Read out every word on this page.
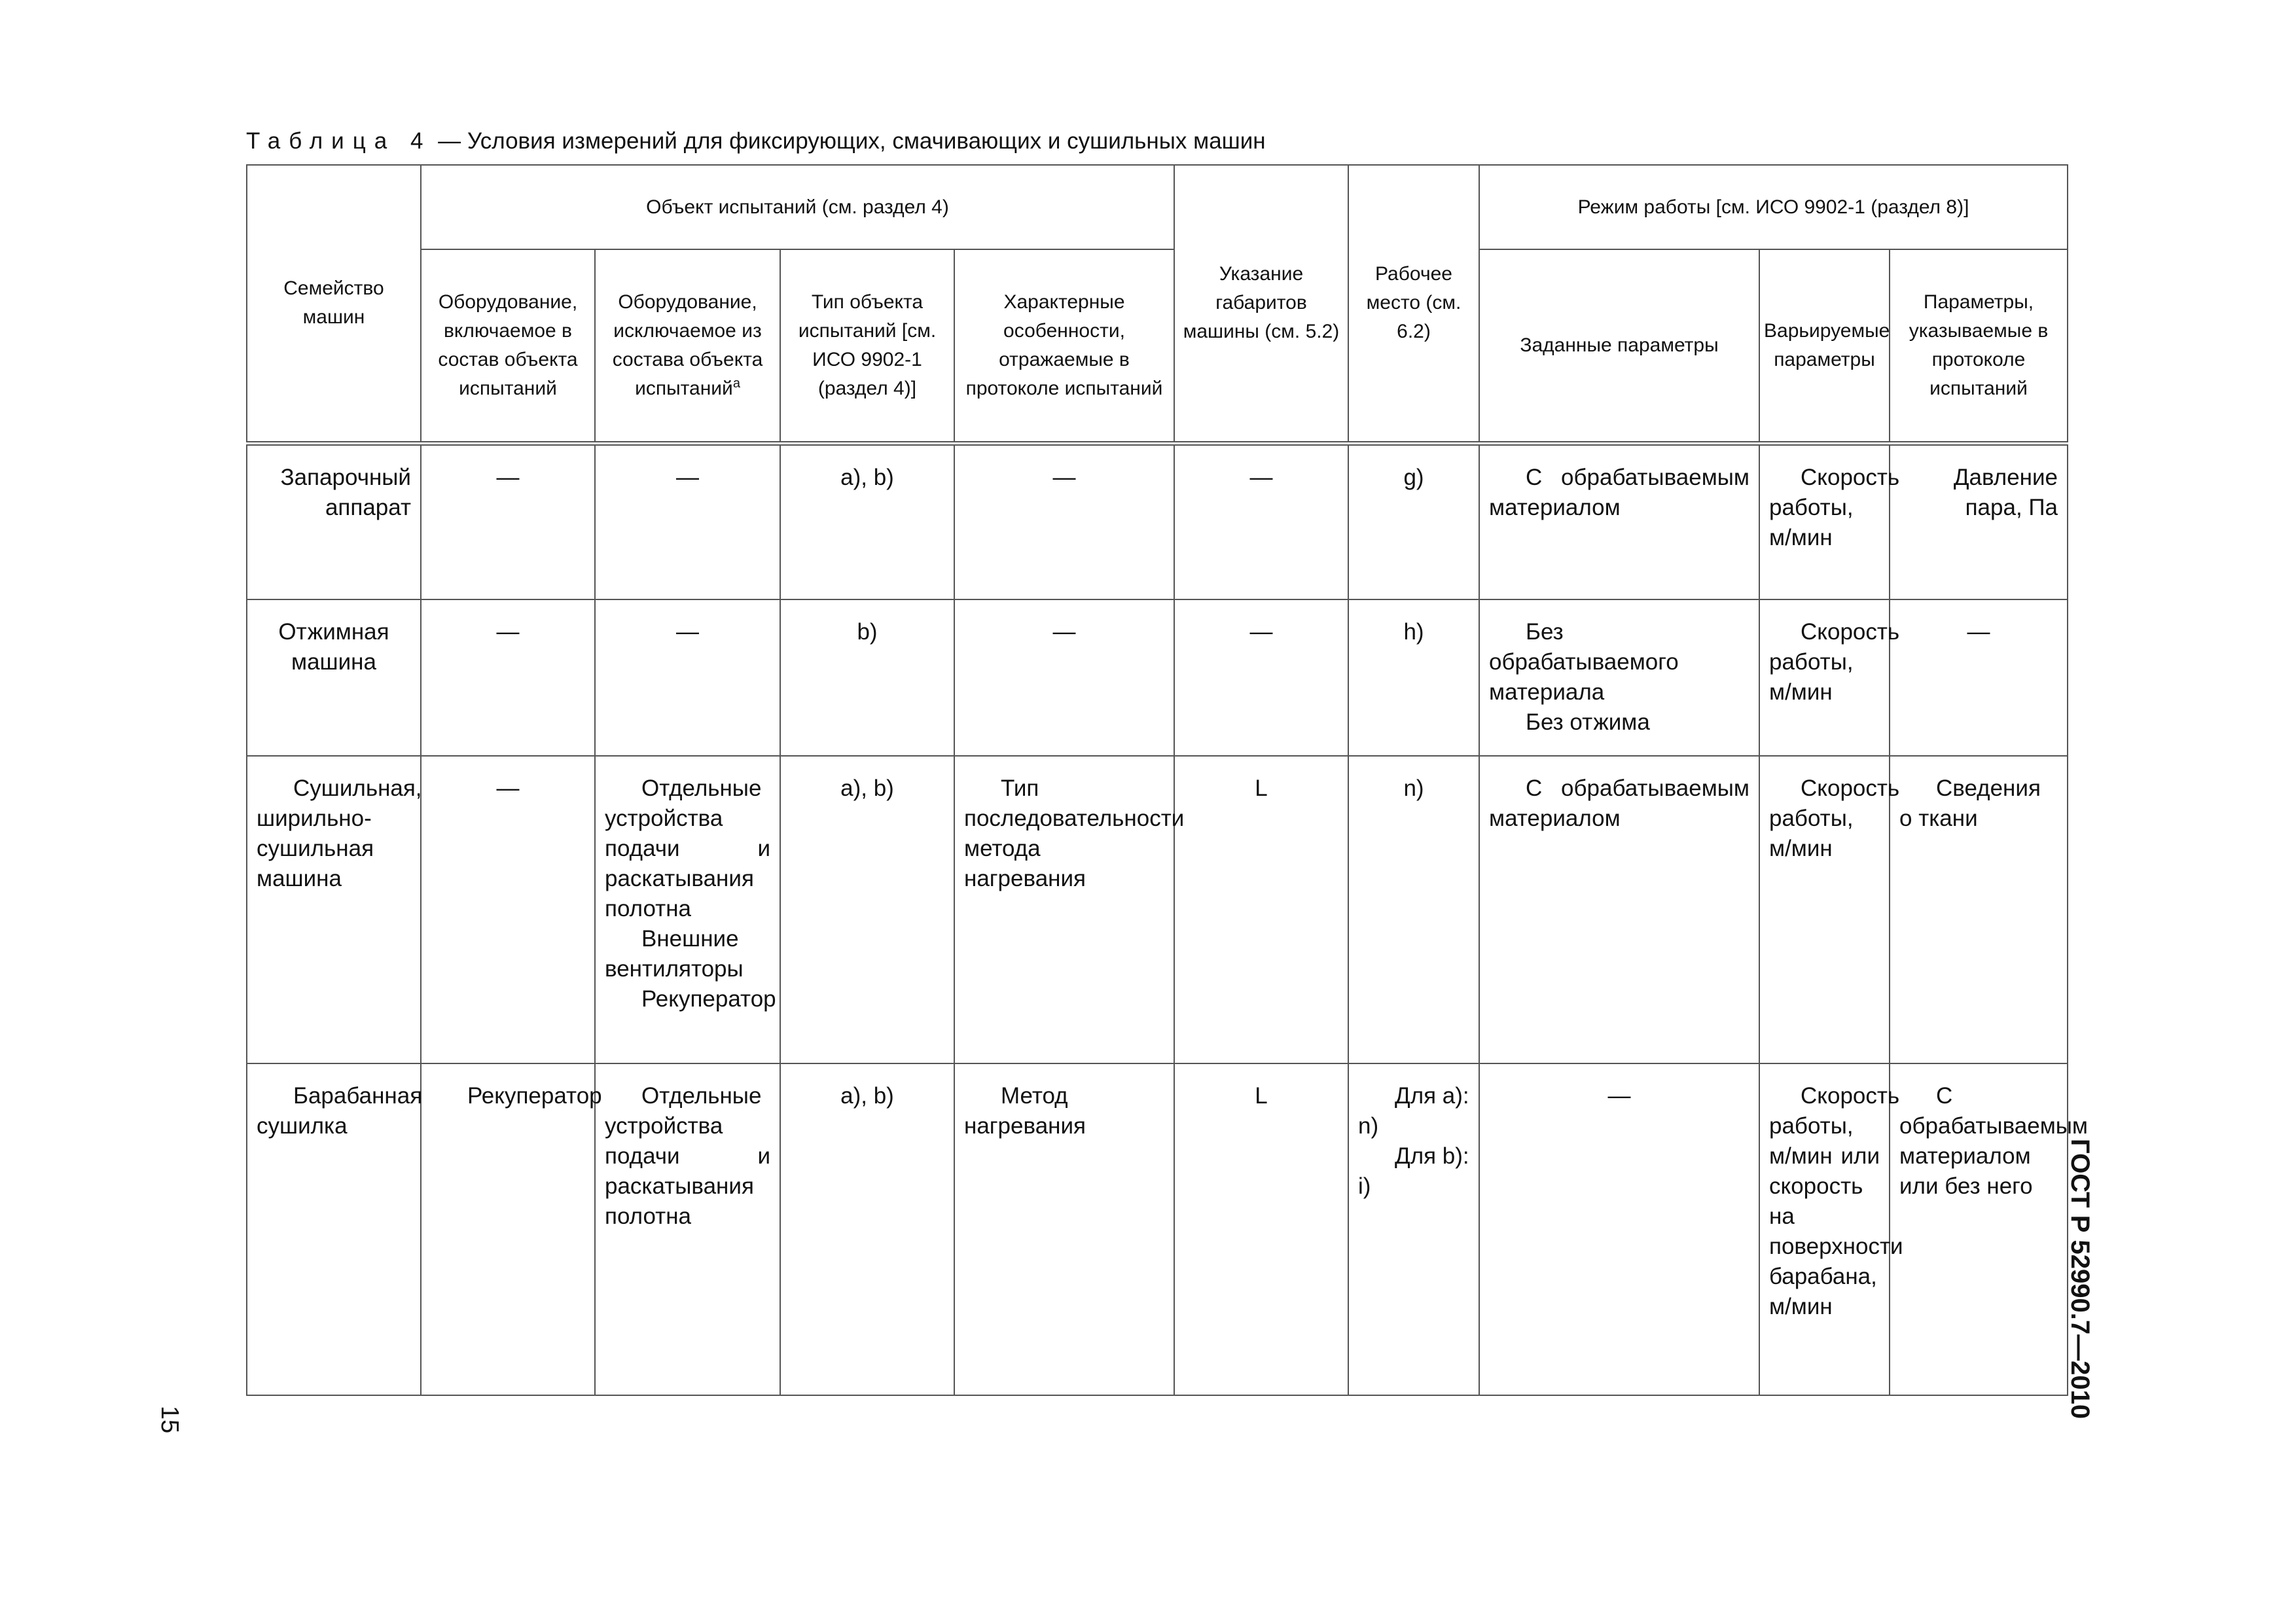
Таблица 4 — Условия измерений для фиксирующих, смачивающих и сушильных машин
Семейство машин	Объект испытаний (см. раздел 4)				Указание габаритов машины (см. 5.2)	Рабочее место (см. 6.2)	Режим работы [см. ИСО 9902-1 (раздел 8)]		

	Оборудование, включаемое в состав объекта испытаний	Оборудование, исключаемое из состава объекта испытаний$^а$	Тип объекта испытаний [см. ИСО 9902-1 (раздел 4)]	Характерные особенности, отражаемые в протоколе испытаний			Заданные параметры	Варьируемые параметры	Параметры, указываемые в протоколе испытаний

Запарочный аппарат	—	—	a), b)	—	—	g)	С обрабатываемым материалом	Скорость работы, м/мин	Давление пара, Па

Отжимная машина	—	—	b)	—	—	h)	Без обрабатываемого материала
Без отжима	Скорость работы, м/мин	—

Сушильная, ширильно-сушильная машина	—	Отдельные устройства подачи и раскатывания полотна
Внешние вентиляторы
Рекуператор	a), b)	Тип последовательности метода нагревания	L	n)	С обрабатываемым материалом	Скорость работы, м/мин	Сведения о ткани

Барабанная сушилка	Рекуператор	Отдельные устройства подачи и раскатывания полотна	a), b)	Метод нагревания	L	Для a): n)
Для b): i)	—	Скорость работы, м/мин или скорость на поверхности барабана, м/мин	С обрабатываемым материалом или без него	ГОСТ Р 52990.7—2010
15
